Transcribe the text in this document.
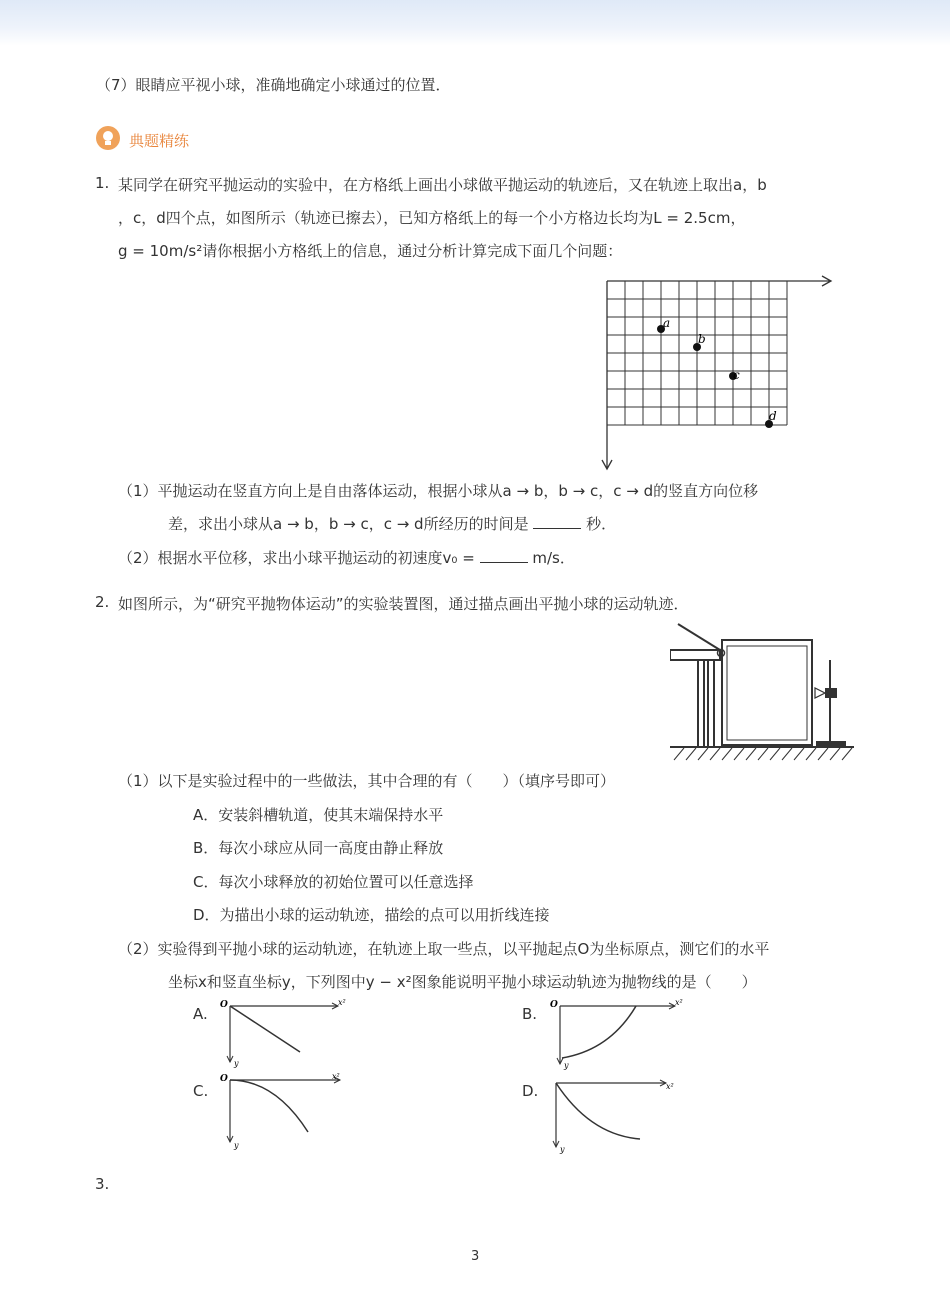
（7）眼睛应平视小球，准确地确定小球通过的位置．
典题精练
1. 某同学在研究平抛运动的实验中，在方格纸上画出小球做平抛运动的轨迹后，又在轨迹上取出a，b
，c，d四个点，如图所示（轨迹已擦去），已知方格纸上的每一个小方格边长均为L = 2.5cm，
g = 10m/s²请你根据小方格纸上的信息，通过分析计算完成下面几个问题：
a
b
c
d
（1）平抛运动在竖直方向上是自由落体运动，根据小球从a → b，b → c，c → d的竖直方向位移
差，求出小球从a → b，b → c，c → d所经历的时间是	秒．
（2）根据水平位移，求出小球平抛运动的初速度v₀ =	m/s．
2. 如图所示，为“研究平抛物体运动”的实验装置图，通过描点画出平抛小球的运动轨迹．
（1）以下是实验过程中的一些做法，其中合理的有（　　）（填序号即可）
A．安装斜槽轨道，使其末端保持水平
B．每次小球应从同一高度由静止释放
C．每次小球释放的初始位置可以任意选择
D．为描出小球的运动轨迹，描绘的点可以用折线连接
（2）实验得到平抛小球的运动轨迹，在轨迹上取一些点，以平抛起点O为坐标原点，测它们的水平
坐标x和竖直坐标y，下列图中y − x²图象能说明平抛小球运动轨迹为抛物线的是（　　）
A. O	x²
y
B. O	x²
y
C.
O	x²
y
D.	x²
y
3.
3
